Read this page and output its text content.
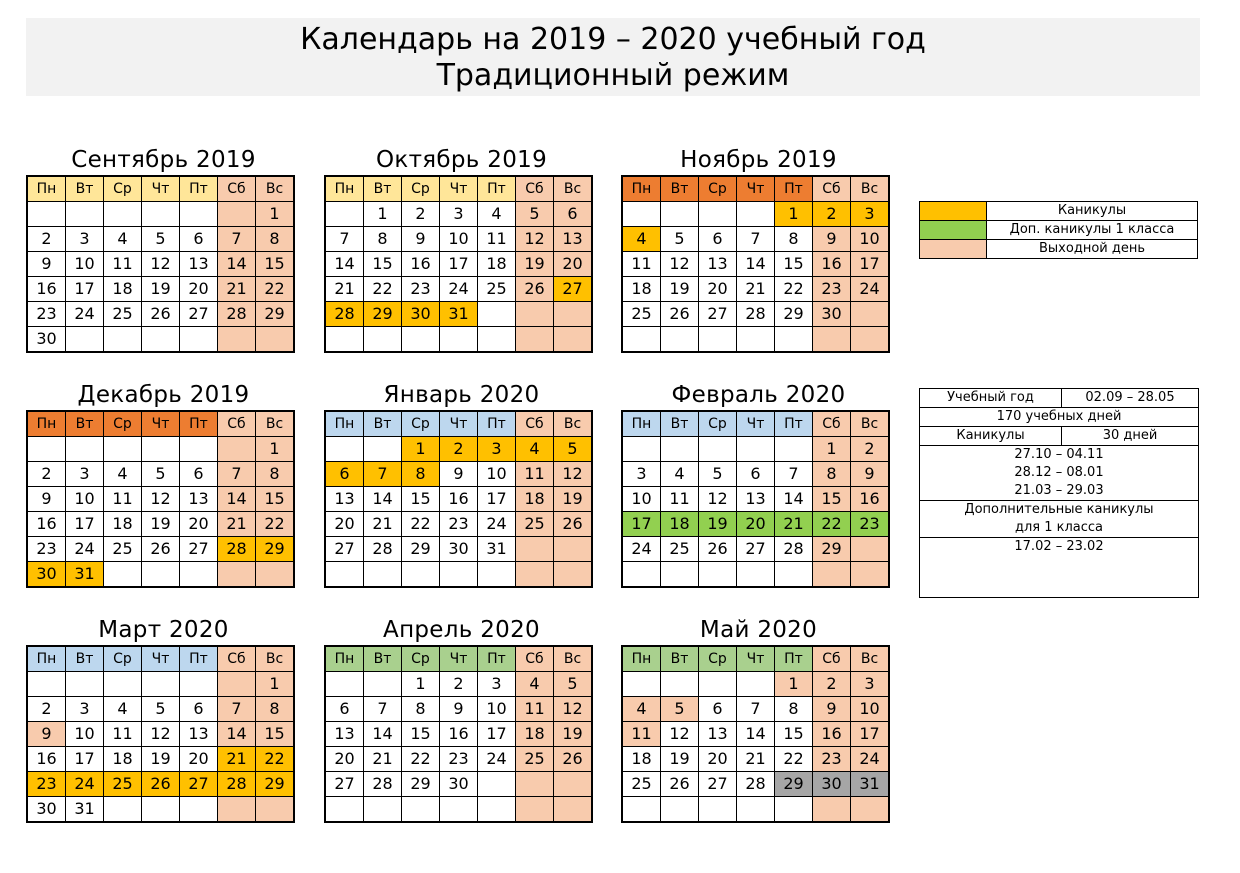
Календарь на 2019 – 2020 учебный год
Традиционный режим
Сентябрь 2019
Пн	Вт	Ср	Чт	Пт	Сб	Вс
						1
2	3	4	5	6	7	8
9	10	11	12	13	14	15
16	17	18	19	20	21	22
23	24	25	26	27	28	29
30						
Октябрь 2019
Пн	Вт	Ср	Чт	Пт	Сб	Вс
	1	2	3	4	5	6
7	8	9	10	11	12	13
14	15	16	17	18	19	20
21	22	23	24	25	26	27
28	29	30	31			

Ноябрь 2019
Пн	Вт	Ср	Чт	Пт	Сб	Вс
				1	2	3
4	5	6	7	8	9	10
11	12	13	14	15	16	17
18	19	20	21	22	23	24
25	26	27	28	29	30	

Декабрь 2019
Пн	Вт	Ср	Чт	Пт	Сб	Вс
						1
2	3	4	5	6	7	8
9	10	11	12	13	14	15
16	17	18	19	20	21	22
23	24	25	26	27	28	29
30	31					
Январь 2020
Пн	Вт	Ср	Чт	Пт	Сб	Вс
		1	2	3	4	5
6	7	8	9	10	11	12
13	14	15	16	17	18	19
20	21	22	23	24	25	26
27	28	29	30	31		

Февраль 2020
Пн	Вт	Ср	Чт	Пт	Сб	Вс
					1	2
3	4	5	6	7	8	9
10	11	12	13	14	15	16
17	18	19	20	21	22	23
24	25	26	27	28	29	

Март 2020
Пн	Вт	Ср	Чт	Пт	Сб	Вс
						1
2	3	4	5	6	7	8
9	10	11	12	13	14	15
16	17	18	19	20	21	22
23	24	25	26	27	28	29
30	31					
Апрель 2020
Пн	Вт	Ср	Чт	Пт	Сб	Вс
		1	2	3	4	5
6	7	8	9	10	11	12
13	14	15	16	17	18	19
20	21	22	23	24	25	26
27	28	29	30			

Май 2020
Пн	Вт	Ср	Чт	Пт	Сб	Вс
				1	2	3
4	5	6	7	8	9	10
11	12	13	14	15	16	17
18	19	20	21	22	23	24
25	26	27	28	29	30	31

	Каникулы
	Доп. каникулы 1 класса
	Выходной день
Учебный год	02.09 – 28.05
170 учебных дней
Каникулы	30 дней
27.10 – 04.11
28.12 – 08.01
21.03 – 29.03
Дополнительные каникулы
для 1 класса
17.02 – 23.02
